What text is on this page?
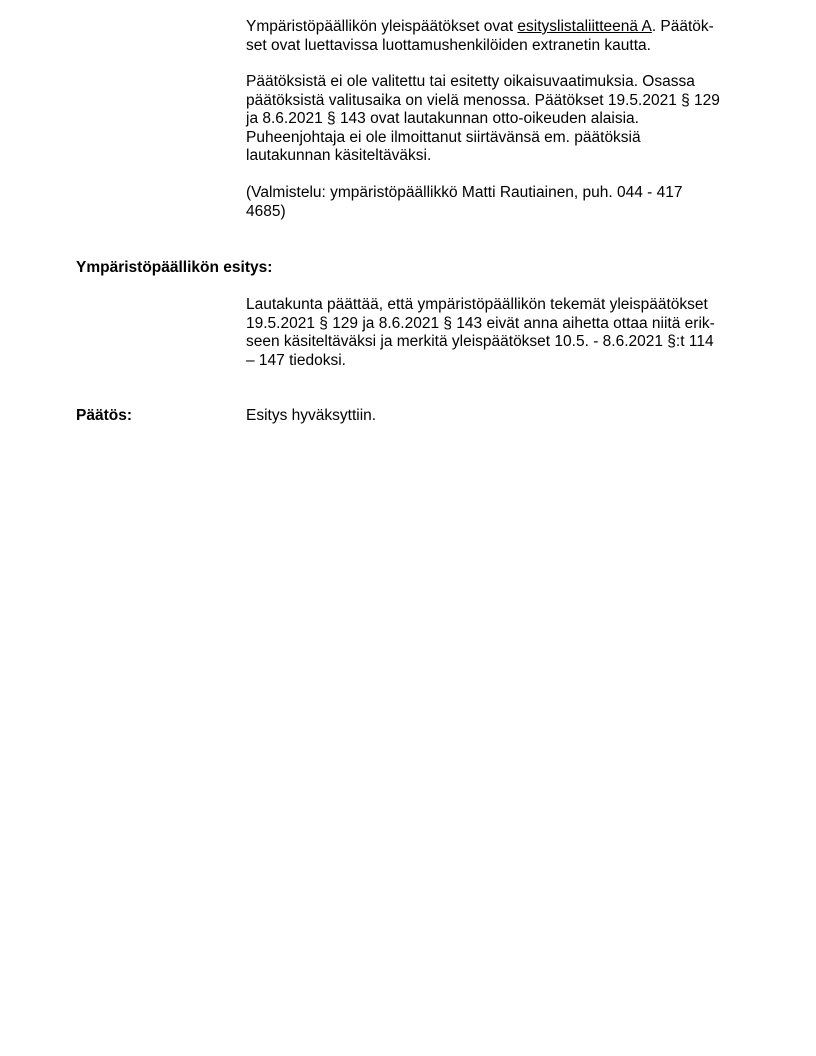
Ympäristöpäällikön yleispäätökset ovat esityslistaliitteenä A. Päätök-
set ovat luettavissa luottamushenkilöiden extranetin kautta.

Päätöksistä ei ole valitettu tai esitetty oikaisuvaatimuksia. Osassa
päätöksistä valitusaika on vielä menossa. Päätökset 19.5.2021 § 129
ja 8.6.2021 § 143 ovat lautakunnan otto-oikeuden alaisia.
Puheenjohtaja ei ole ilmoittanut siirtävänsä em. päätöksiä
lautakunnan käsiteltäväksi.

(Valmistelu: ympäristöpäällikkö Matti Rautiainen, puh. 044 - 417
4685)

Ympäristöpäällikön esitys:

Lautakunta päättää, että ympäristöpäällikön tekemät yleispäätökset
19.5.2021 § 129 ja 8.6.2021 § 143 eivät anna aihetta ottaa niitä erik-
seen käsiteltäväksi ja merkitä yleispäätökset 10.5. - 8.6.2021 §:t 114
– 147 tiedoksi.

Päätös:	Esitys hyväksyttiin.
